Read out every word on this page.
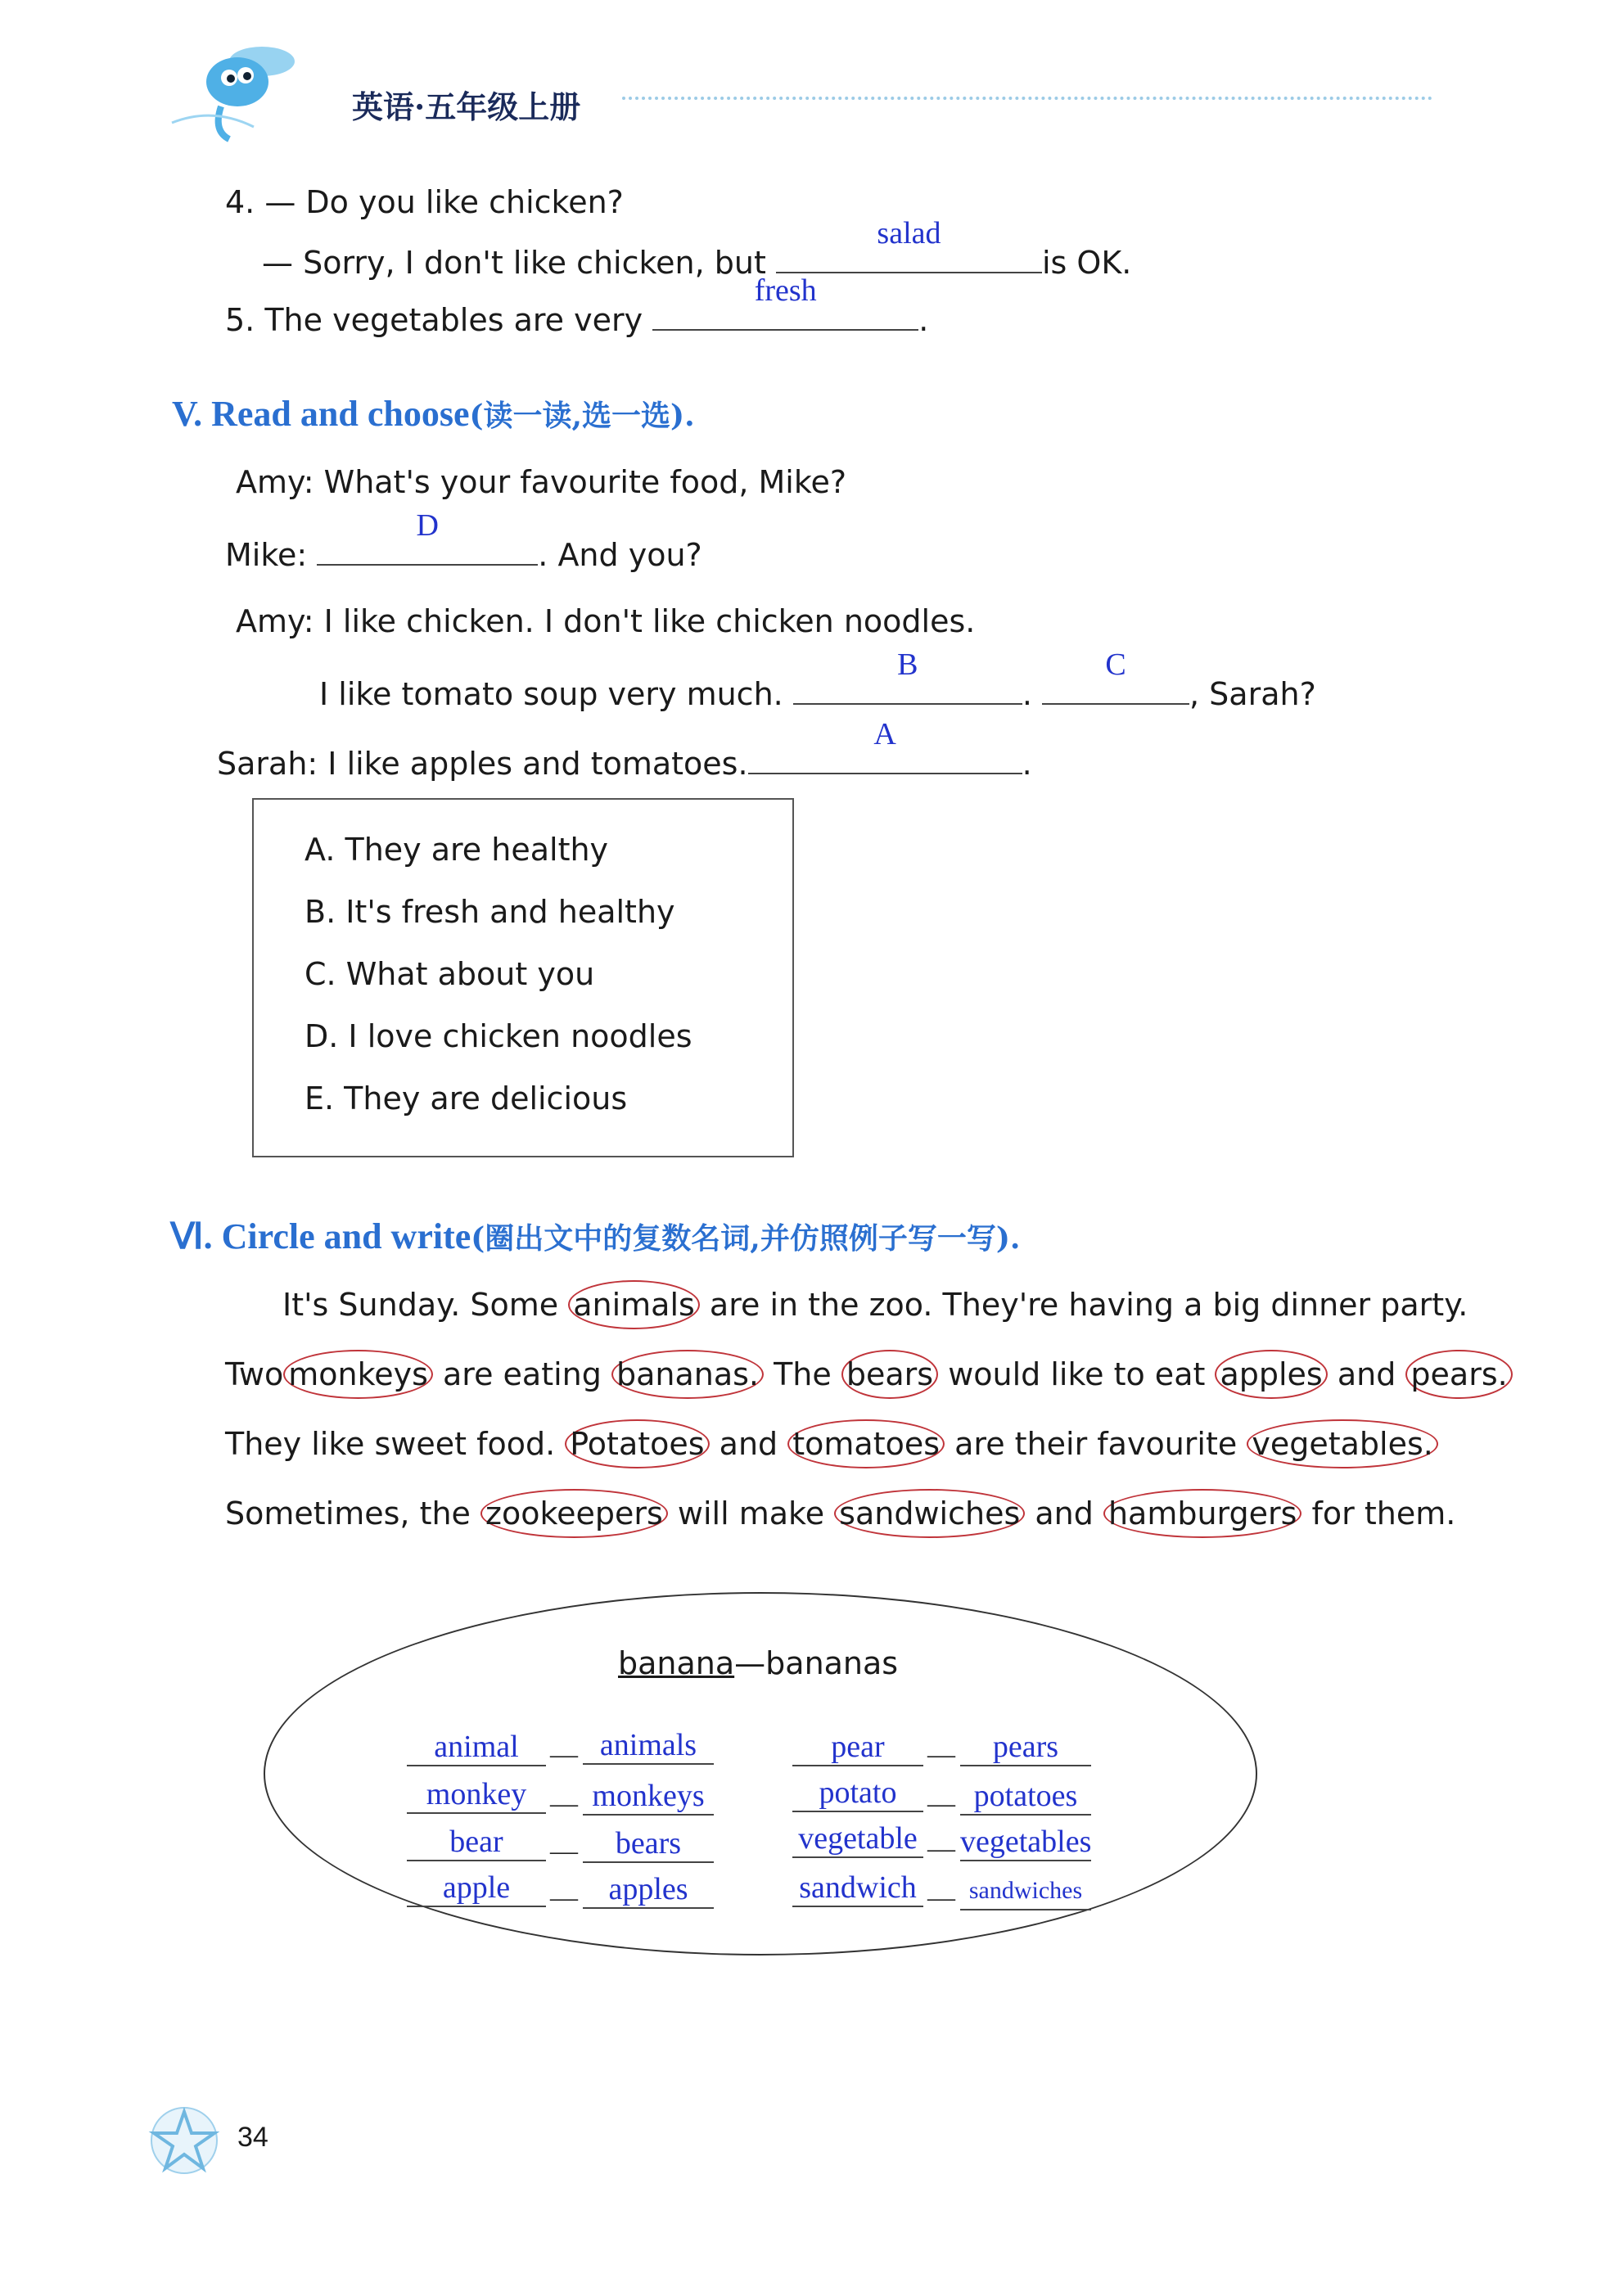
英语·五年级上册
4. — Do you like chicken?
— Sorry, I don't like chicken, but
salad
is OK.
5. The vegetables are very
fresh
.
V. Read and choose(读一读,选一选).
Amy: What's your favourite food, Mike?
Mike:
D
. And you?
Amy: I like chicken. I don't like chicken noodles.
I like tomato soup very much.
B
.
C
, Sarah?
Sarah: I like apples and tomatoes.
A
.
A. They are healthy
B. It's fresh and healthy
C. What about you
D. I love chicken noodles
E. They are delicious
Ⅵ. Circle and write(圈出文中的复数名词,并仿照例子写一写).
It's Sunday. Some animals are in the zoo. They're having a big dinner party.
Two monkeys are eating bananas. The bears would like to eat apples and pears.
They like sweet food. Potatoes and tomatoes are their favourite vegetables.
Sometimes, the zookeepers will make sandwiches and hamburgers for them.
banana—bananas
animal	— animals
monkey — monkeys
bear	—	bears
apple	— apples
pear	—	pears
potato	— potatoes
vegetable — vegetables
sandwich — sandwiches
34
